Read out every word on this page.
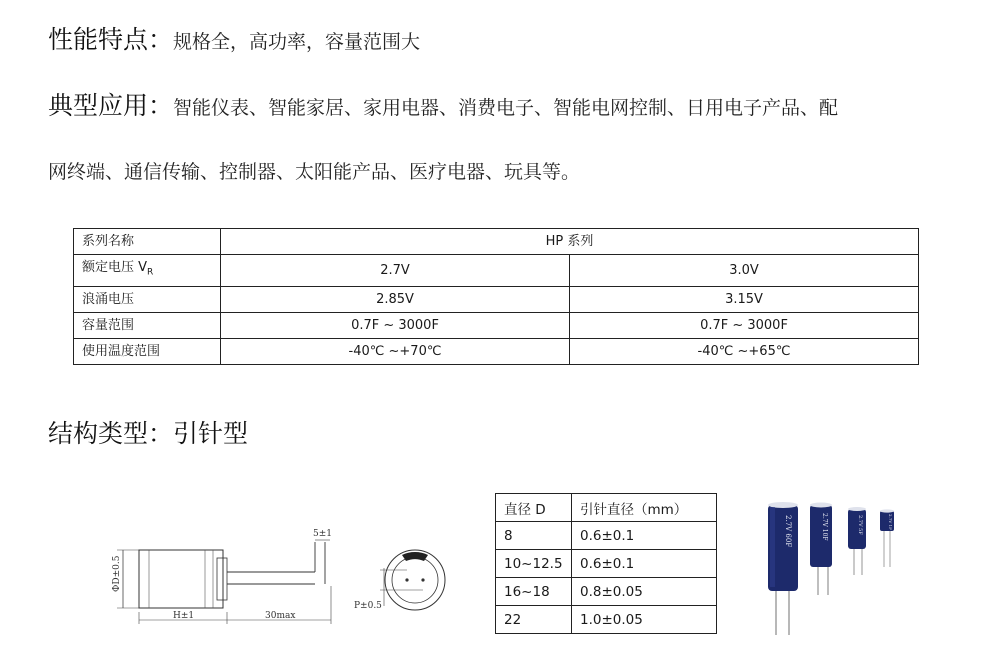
性能特点：规格全，高功率，容量范围大
典型应用：智能仪表、智能家居、家用电器、消费电子、智能电网控制、日用电子产品、配
网终端、通信传输、控制器、太阳能产品、医疗电器、玩具等。
系列名称	HP 系列	
额定电压 $V_R$	2.7V	3.0V
浪涌电压	2.85V	3.15V
容量范围	0.7F ~ 3000F	0.7F ~ 3000F
使用温度范围	-40℃ ~+70℃	-40℃ ~+65℃
结构类型：引针型
ΦD±0.5
5±1
H±1	30max
P±0.5
直径 D	引针直径（mm）
8	0.6±0.1
10~12.5	0.6±0.1
16~18	0.8±0.05
22	1.0±0.05
2.7V 60F	2.7V 10F	2.7V 5F	2.7V 1F
